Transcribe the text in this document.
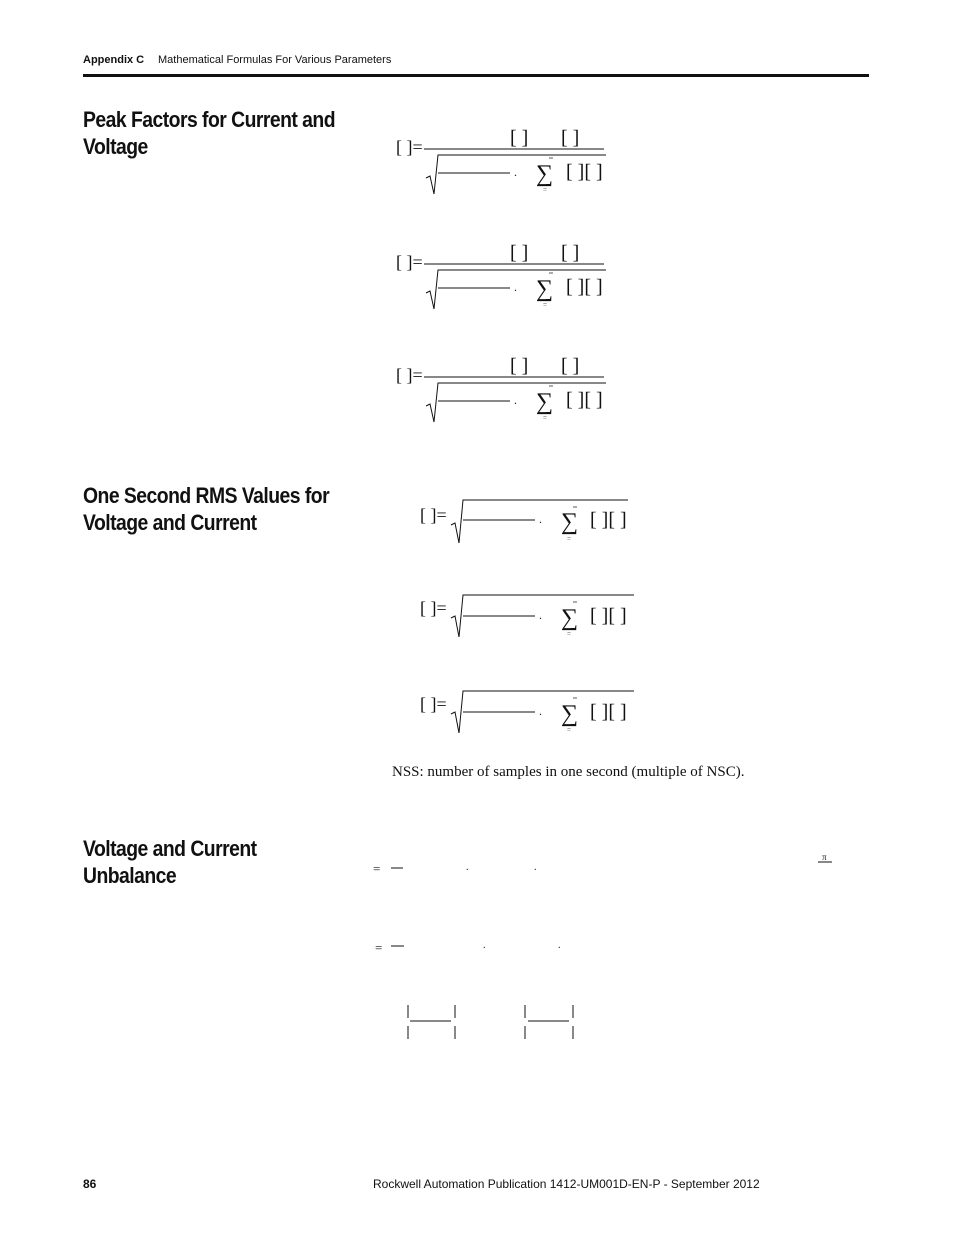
Appendix C Mathematical Formulas For Various Parameters
Peak Factors for Current and
Voltage
One Second RMS Values for
Voltage and Current
Voltage and Current
Unbalance
[ ]=	[ ] [ ]
. ∑ [ ][ ]
=
[ ]=	[ ] [ ]
. ∑ [ ][ ]
=
[ ]=	[ ] [ ]
. ∑ [ ][ ]
=
[ ]=	. ∑ [ ][ ]
=
[ ]=	. ∑ [ ][ ]
=
[ ]=	. ∑ [ ][ ]
=
=	.	.
π
=	.	.
NSS: number of samples in one second (multiple of NSC).
86	Rockwell Automation Publication 1412-UM001D-EN-P - September 2012
